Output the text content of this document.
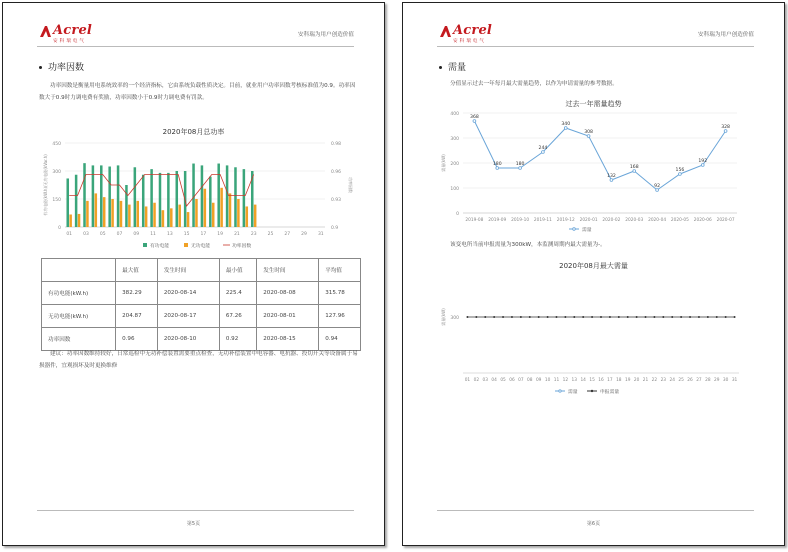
Acrel
安科瑞电气
安科瑞为用户创造价值
功率因数
功率因数是衡量用电系统效率的一个经济指标，它由系统负载性质决定。目前，就业用户功率因数考核标准值为0.9。功率因数大于0.9时力调电费有奖励，功率因数小于0.9时力调电费有罚款。
2020年08月总功率
0	0.9
150	0.93
300	0.96
450	0.98
01 03 05 07 09 11 13 15 17 19 21 23 25 27 29 31
有功电能(kW.h)/无功电能(kVar.h)	功率因数
有功电能	无功电能	功率因数
	最大值	发生时间	最小值	发生时间	平均值
有功电能(kW.h)	382.29	2020-08-14	225.4	2020-08-08	315.78
无功电能(kW.h)	204.87	2020-08-17	67.26	2020-08-01	127.96
功率因数	0.96	2020-08-10	0.92	2020-08-15	0.94
建议：功率因数维持较好，日常巡检中无功补偿装置需要重点检查，无功补偿装置中电容器、电抗器、投切开关等设备属于易损器件，宜观损坏及时更换维修
第5页
Acrel
安科瑞电气
安科瑞为用户创造价值
需量
分值显示过去一年每月最大需量趋势，以作为申请需量的参考数据。
过去一年需量趋势
0
100
200
300
400
需量(kW)
368
180	180
244
340
308
132
168
92
156
192
328
2019-08 2019-09 2019-10 2019-11 2019-12 2020-01 2020-02 2020-03 2020-04 2020-05 2020-06 2020-07
需量
该变电所当前申报需量为300kW，本监测周期内最大需量为-。
2020年08月最大需量
300
需量(kW)
01 02 03 04 05 06 07 08 09 10 11 12 13 14 15 16 17 18 19 20 21 22 23 24 25 26 27 28 29 30 31
需量	申报需量
第6页
